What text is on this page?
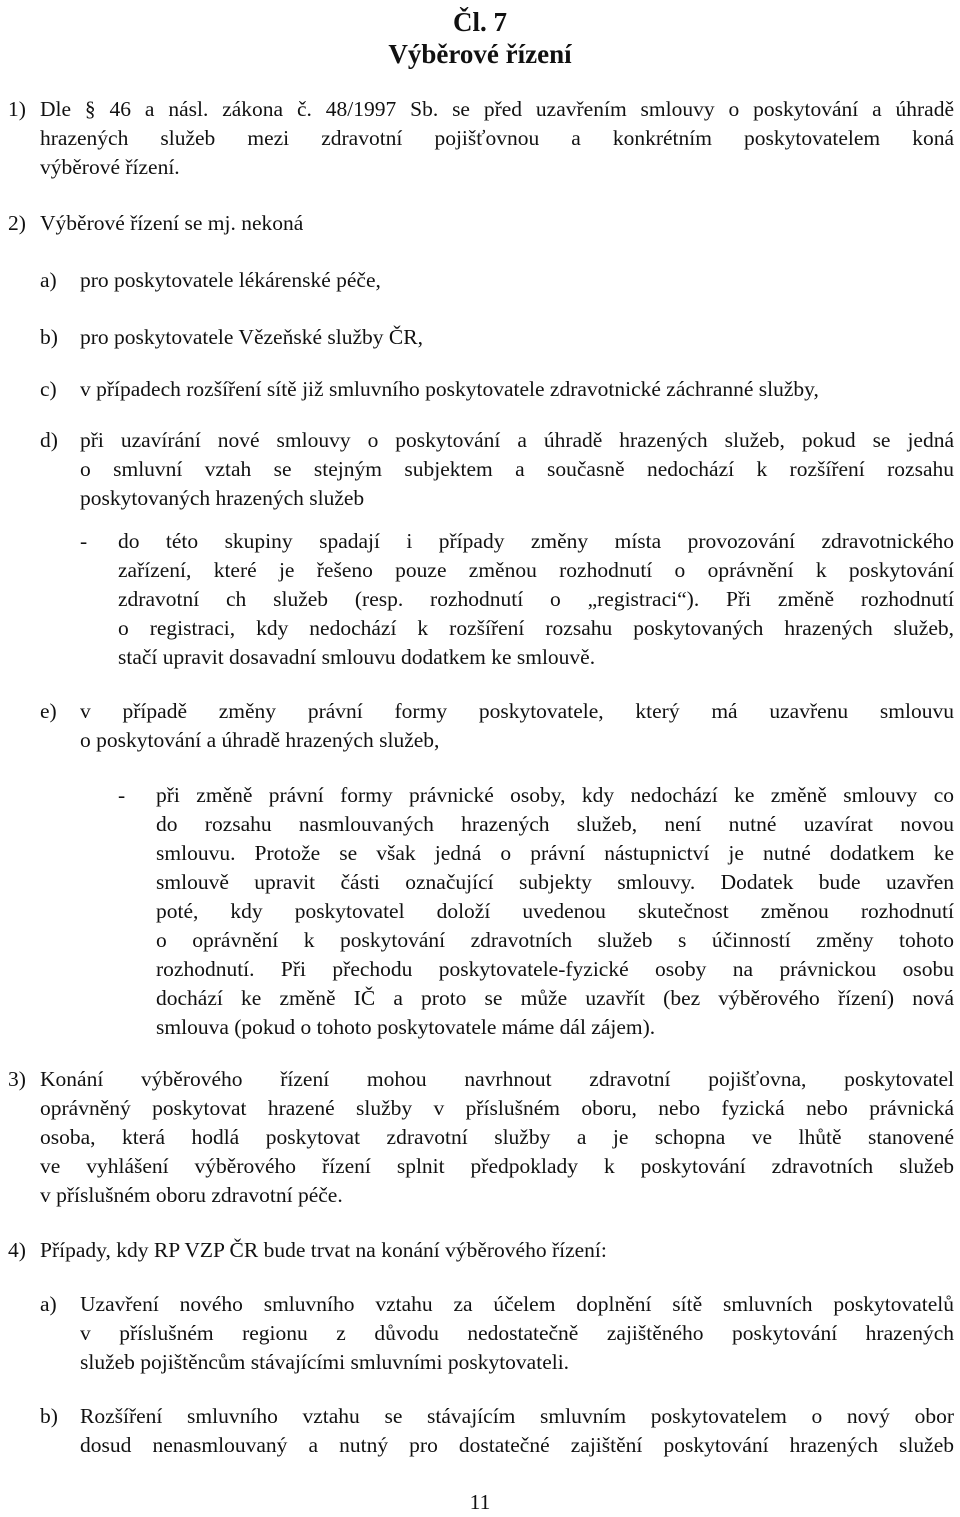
Čl. 7
Výběrové řízení
1) Dle § 46 a násl. zákona č. 48/1997 Sb. se před uzavřením smlouvy o poskytování a úhradě

hrazených služeb mezi zdravotní pojišťovnou a konkrétním poskytovatelem koná

výběrové řízení.

2) Výběrové řízení se mj. nekoná

a) pro poskytovatele lékárenské péče,

b) pro poskytovatele Vězeňské služby ČR,

c) v případech rozšíření sítě již smluvního poskytovatele zdravotnické záchranné služby,

d) při uzavírání nové smlouvy o poskytování a úhradě hrazených služeb, pokud se jedná

o smluvní vztah se stejným subjektem a současně nedochází k rozšíření rozsahu

poskytovaných hrazených služeb

- do této skupiny spadají i případy změny místa provozování zdravotnického

zařízení, které je řešeno pouze změnou rozhodnutí o oprávnění k poskytování

zdravotní ch služeb (resp. rozhodnutí o „registraci“). Při změně rozhodnutí

o registraci, kdy nedochází k rozšíření rozsahu poskytovaných hrazených služeb,

stačí upravit dosavadní smlouvu dodatkem ke smlouvě.

e) v případě změny právní formy poskytovatele, který má uzavřenu smlouvu

o poskytování a úhradě hrazených služeb,

- při změně právní formy právnické osoby, kdy nedochází ke změně smlouvy co

do rozsahu nasmlouvaných hrazených služeb, není nutné uzavírat novou

smlouvu. Protože se však jedná o právní nástupnictví je nutné dodatkem ke

smlouvě upravit části označující subjekty smlouvy. Dodatek bude uzavřen

poté, kdy poskytovatel doloží uvedenou skutečnost změnou rozhodnutí

o oprávnění k poskytování zdravotních služeb s účinností změny tohoto

rozhodnutí. Při přechodu poskytovatele-fyzické osoby na právnickou osobu

dochází ke změně IČ a proto se může uzavřít (bez výběrového řízení) nová

smlouva (pokud o tohoto poskytovatele máme dál zájem).

3) Konání výběrového řízení mohou navrhnout zdravotní pojišťovna, poskytovatel

oprávněný poskytovat hrazené služby v příslušném oboru, nebo fyzická nebo právnická

osoba, která hodlá poskytovat zdravotní služby a je schopna ve lhůtě stanovené

ve vyhlášení výběrového řízení splnit předpoklady k poskytování zdravotních služeb

v příslušném oboru zdravotní péče.

4) Případy, kdy RP VZP ČR bude trvat na konání výběrového řízení:

a) Uzavření nového smluvního vztahu za účelem doplnění sítě smluvních poskytovatelů

v příslušném regionu z důvodu nedostatečně zajištěného poskytování hrazených

služeb pojištěncům stávajícími smluvními poskytovateli.

b) Rozšíření smluvního vztahu se stávajícím smluvním poskytovatelem o nový obor

dosud nenasmlouvaný a nutný pro dostatečné zajištění poskytování hrazených služeb

11
